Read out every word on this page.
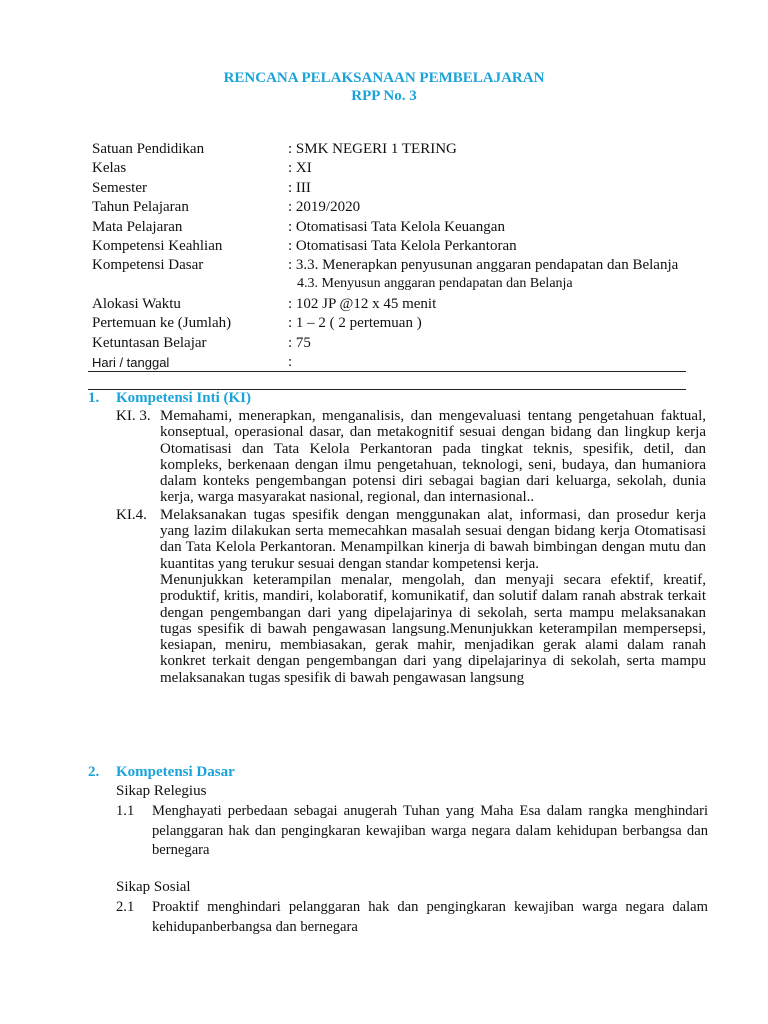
RENCANA PELAKSANAAN PEMBELAJARAN
RPP No. 3
Satuan Pendidikan	: SMK NEGERI 1 TERING
Kelas	: XI
Semester	: III
Tahun Pelajaran	: 2019/2020
Mata Pelajaran	: Otomatisasi Tata Kelola Keuangan
Kompetensi Keahlian	: Otomatisasi Tata Kelola Perkantoran
Kompetensi Dasar	: 3.3. Menerapkan penyusunan anggaran pendapatan dan Belanja
4.3. Menyusun anggaran pendapatan dan Belanja
Alokasi Waktu	: 102 JP @12 x 45 menit
Pertemuan ke (Jumlah)	: 1 – 2 ( 2 pertemuan )
Ketuntasan Belajar	: 75
Hari / tanggal	:
1.	Kompetensi Inti (KI)
KI. 3. Memahami, menerapkan, menganalisis, dan mengevaluasi tentang pengetahuan faktual, konseptual, operasional dasar, dan metakognitif sesuai dengan bidang dan lingkup kerja Otomatisasi dan Tata Kelola Perkantoran pada tingkat teknis, spesifik, detil, dan kompleks, berkenaan dengan ilmu pengetahuan, teknologi, seni, budaya, dan humaniora dalam konteks pengembangan potensi diri sebagai bagian dari keluarga, sekolah, dunia kerja, warga masyarakat nasional, regional, dan internasional..
KI.4. Melaksanakan tugas spesifik dengan menggunakan alat, informasi, dan prosedur kerja yang lazim dilakukan serta memecahkan masalah sesuai dengan bidang kerja Otomatisasi dan Tata Kelola Perkantoran. Menampilkan kinerja di bawah bimbingan dengan mutu dan kuantitas yang terukur sesuai dengan standar kompetensi kerja.

Menunjukkan keterampilan menalar, mengolah, dan menyaji secara efektif, kreatif, produktif, kritis, mandiri, kolaboratif, komunikatif, dan solutif dalam ranah abstrak terkait dengan pengembangan dari yang dipelajarinya di sekolah, serta mampu melaksanakan tugas spesifik di bawah pengawasan langsung.Menunjukkan keterampilan mempersepsi, kesiapan, meniru, membiasakan, gerak mahir, menjadikan gerak alami dalam ranah konkret terkait dengan pengembangan dari yang dipelajarinya di sekolah, serta mampu melaksanakan tugas spesifik di bawah pengawasan langsung

2.	Kompetensi Dasar
Sikap Relegius
1.1	Menghayati perbedaan sebagai anugerah Tuhan yang Maha Esa dalam rangka menghindari pelanggaran hak dan pengingkaran kewajiban warga negara dalam kehidupan berbangsa dan bernegara
Sikap Sosial
2.1	Proaktif menghindari pelanggaran hak dan pengingkaran kewajiban warga negara dalam kehidupanberbangsa dan bernegara
